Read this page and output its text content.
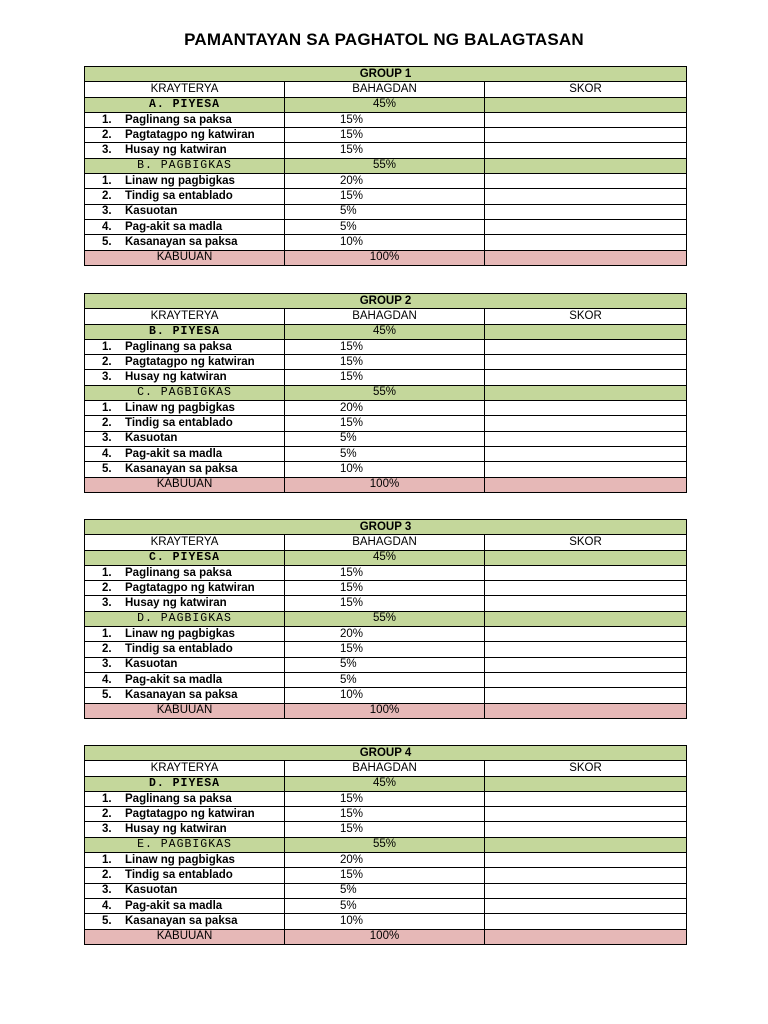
PAMANTAYAN SA PAGHATOL NG BALAGTASAN
GROUP 1		
KRAYTERYA	BAHAGDAN	SKOR
A. PIYESA	45%	
1. Paglinang sa paksa	15%	
2. Pagtatagpo ng katwiran	15%	
3. Husay ng katwiran	15%	
B. PAGBIGKAS	55%	
1. Linaw ng pagbigkas	20%	
2. Tindig sa entablado	15%	
3. Kasuotan	5%	
4. Pag-akit sa madla	5%	
5. Kasanayan sa paksa	10%	
KABUUAN	100%	
GROUP 2		
KRAYTERYA	BAHAGDAN	SKOR
B. PIYESA	45%	
1. Paglinang sa paksa	15%	
2. Pagtatagpo ng katwiran	15%	
3. Husay ng katwiran	15%	
C. PAGBIGKAS	55%	
1. Linaw ng pagbigkas	20%	
2. Tindig sa entablado	15%	
3. Kasuotan	5%	
4. Pag-akit sa madla	5%	
5. Kasanayan sa paksa	10%	
KABUUAN	100%	
GROUP 3		
KRAYTERYA	BAHAGDAN	SKOR
C. PIYESA	45%	
1. Paglinang sa paksa	15%	
2. Pagtatagpo ng katwiran	15%	
3. Husay ng katwiran	15%	
D. PAGBIGKAS	55%	
1. Linaw ng pagbigkas	20%	
2. Tindig sa entablado	15%	
3. Kasuotan	5%	
4. Pag-akit sa madla	5%	
5. Kasanayan sa paksa	10%	
KABUUAN	100%	
GROUP 4		
KRAYTERYA	BAHAGDAN	SKOR
D. PIYESA	45%	
1. Paglinang sa paksa	15%	
2. Pagtatagpo ng katwiran	15%	
3. Husay ng katwiran	15%	
E. PAGBIGKAS	55%	
1. Linaw ng pagbigkas	20%	
2. Tindig sa entablado	15%	
3. Kasuotan	5%	
4. Pag-akit sa madla	5%	
5. Kasanayan sa paksa	10%	
KABUUAN	100%	
